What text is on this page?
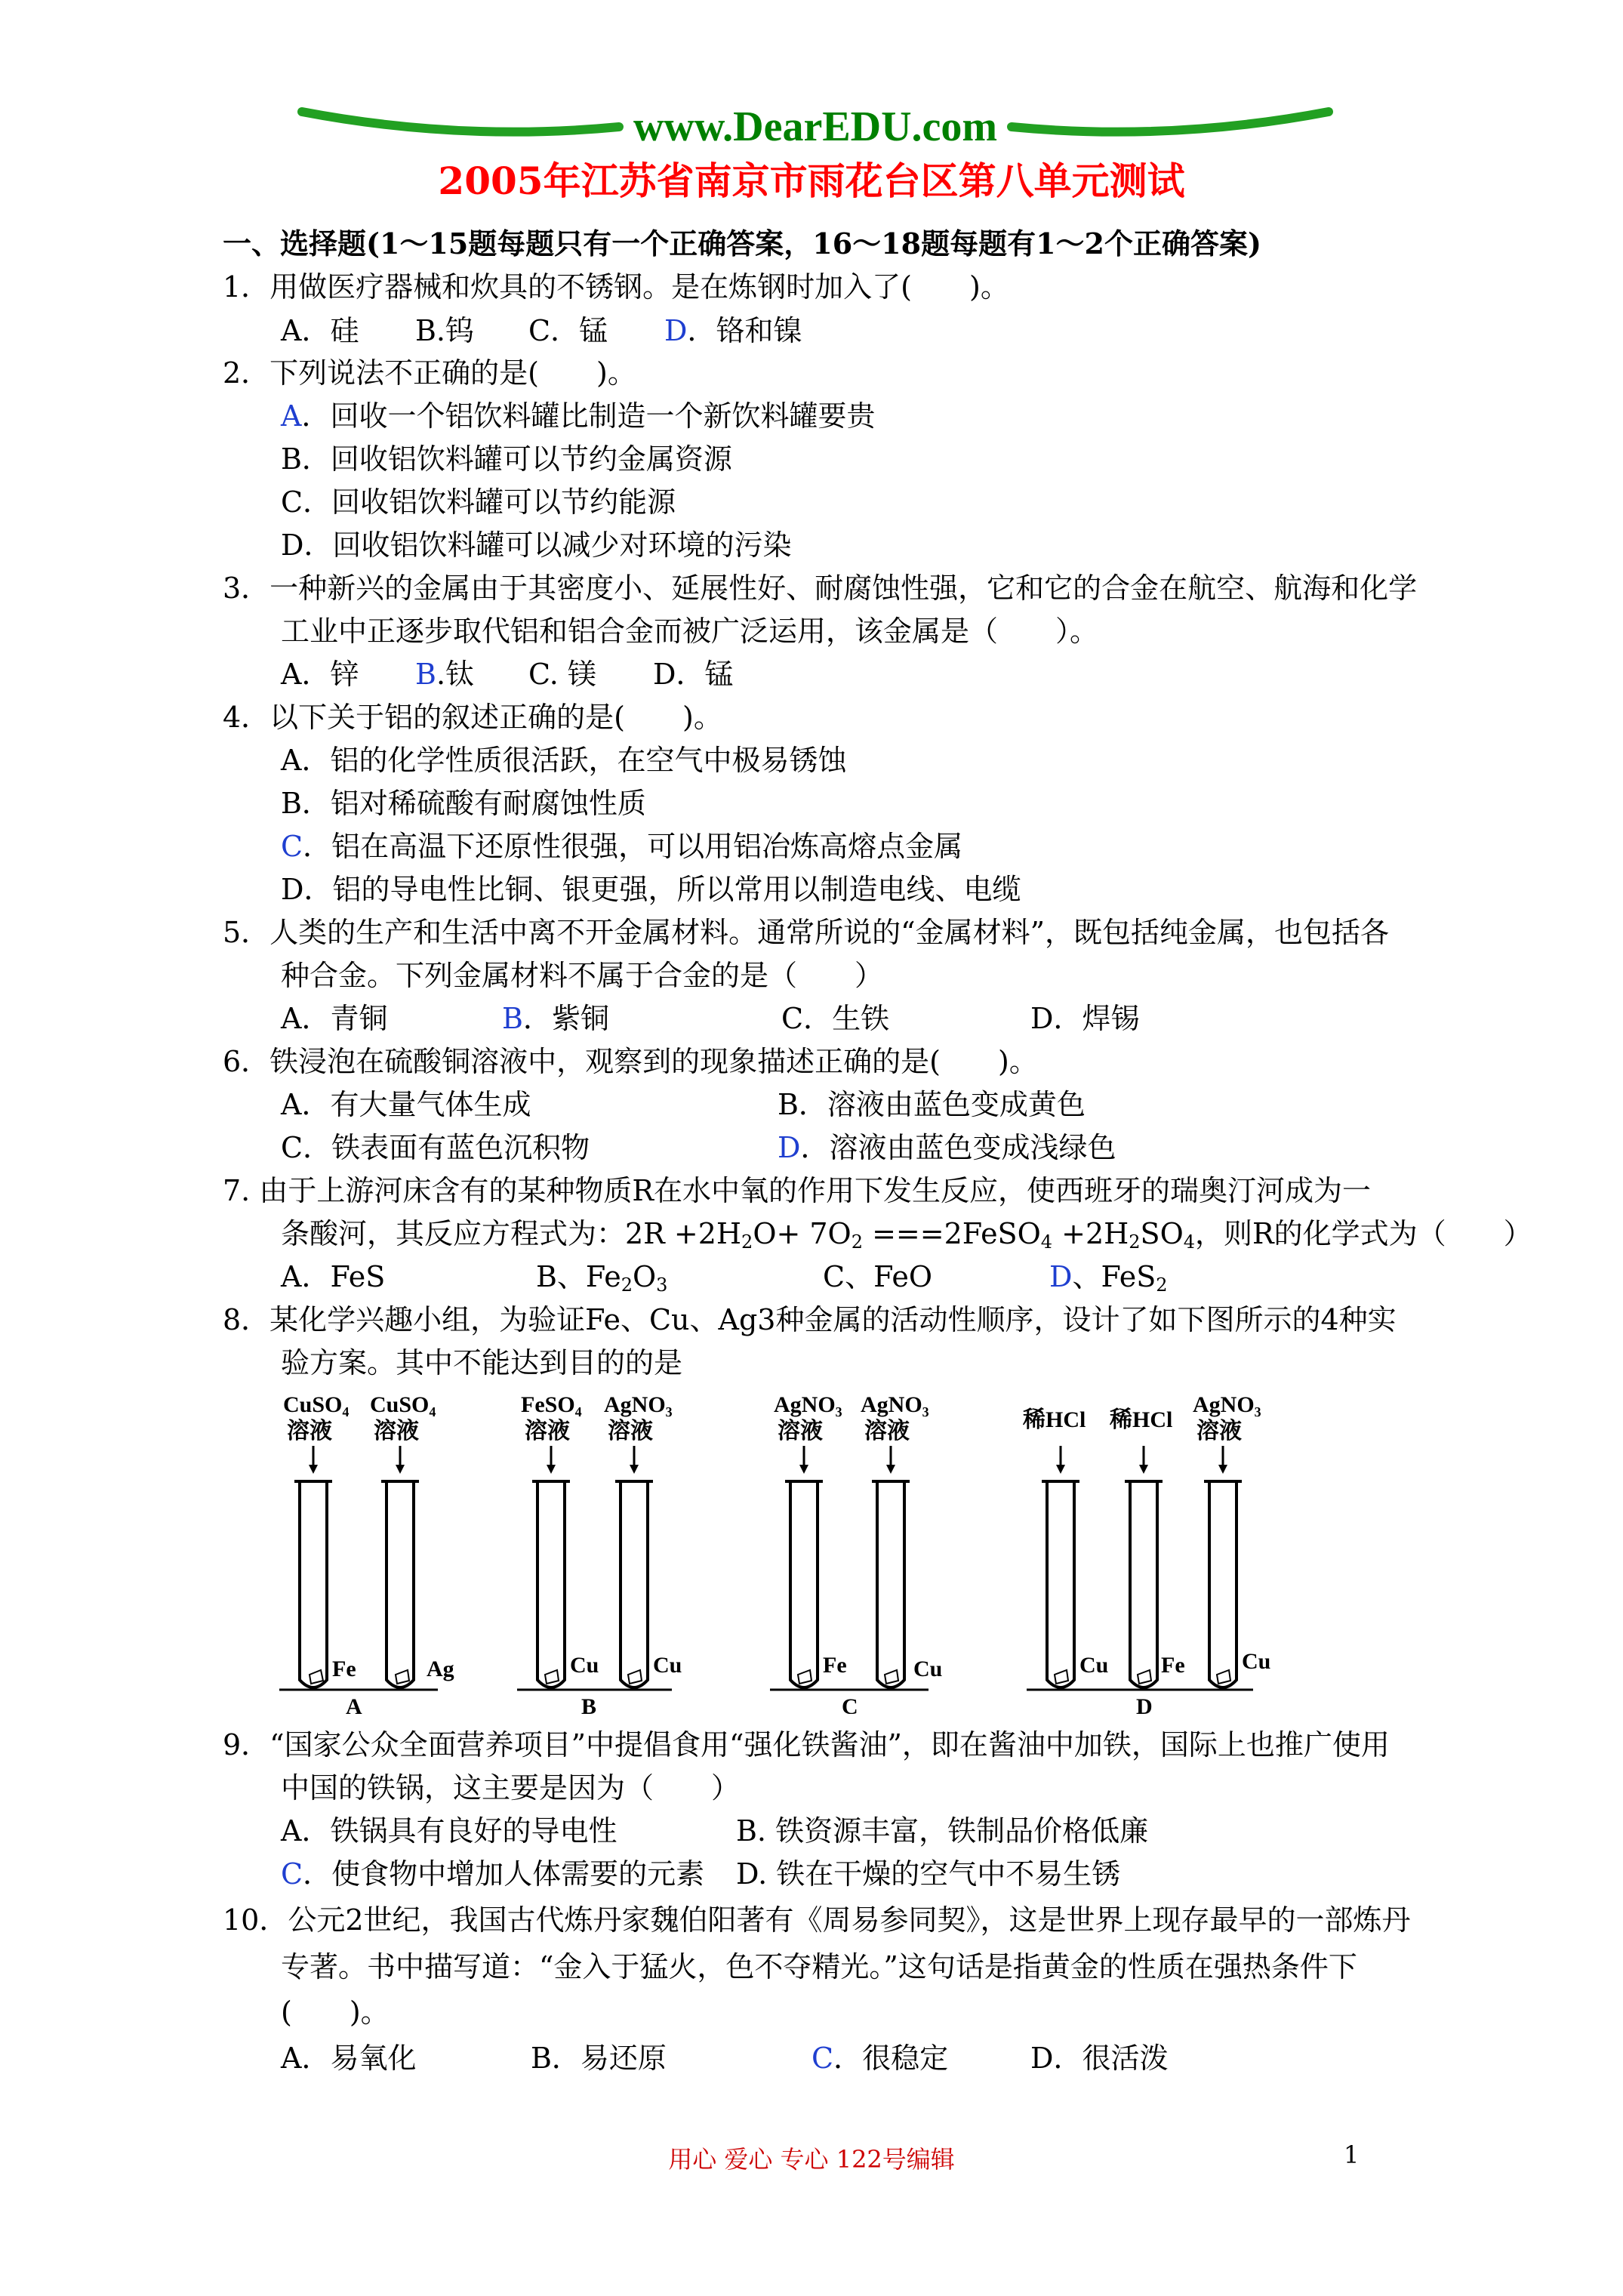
www.DearEDU.com
2005年江苏省南京市雨花台区第八单元测试
一、选择题(1～15题每题只有一个正确答案，16～18题每题有1～2个正确答案)
1．用做医疗器械和炊具的不锈钢。是在炼钢时加入了(　　)。
A．硅 B.钨 C．锰 D．铬和镍
2．下列说法不正确的是(　　)。
A．回收一个铝饮料罐比制造一个新饮料罐要贵
B．回收铝饮料罐可以节约金属资源
C．回收铝饮料罐可以节约能源
D．回收铝饮料罐可以减少对环境的污染
3．一种新兴的金属由于其密度小、延展性好、耐腐蚀性强，它和它的合金在航空、航海和化学
工业中正逐步取代铝和铝合金而被广泛运用，该金属是（　　）。
A．锌 B.钛 C. 镁 D．锰
4．以下关于铝的叙述正确的是(　　)。
A．铝的化学性质很活跃，在空气中极易锈蚀
B．铝对稀硫酸有耐腐蚀性质
C．铝在高温下还原性很强，可以用铝冶炼高熔点金属
D．铝的导电性比铜、银更强，所以常用以制造电线、电缆
5．人类的生产和生活中离不开金属材料。通常所说的“金属材料”，既包括纯金属，也包括各
种合金。下列金属材料不属于合金的是（　　）
A．青铜	B．紫铜	C．生铁	D．焊锡
6．铁浸泡在硫酸铜溶液中，观察到的现象描述正确的是(　　)。
A．有大量气体生成	B．溶液由蓝色变成黄色
C．铁表面有蓝色沉积物	D．溶液由蓝色变成浅绿色
7. 由于上游河床含有的某种物质R在水中氧的作用下发生反应，使西班牙的瑞奥汀河成为一
条酸河，其反应方程式为：$2R +2H_2O+ 7O_2$ ===2FeSO$_4$ $+2H_2SO_4$，则R的化学式为（　　）
A．FeS	B、$Fe_2O_3$	C、FeO	D、FeS$_2$
8．某化学兴趣小组，为验证Fe、Cu、Ag3种金属的活动性顺序，设计了如下图所示的4种实
验方案。其中不能达到目的的是
CuSO₄ CuSO₄
溶液 溶液
Fe	Ag
A
FeSO₄ AgNO₃
溶液 溶液
Cu Cu
B
AgNO₃ AgNO₃
溶液 溶液
Fe	Cu
C
稀HCl 稀HCl
AgNO₃
溶液
Cu Fe	Cu
D
9．“国家公众全面营养项目”中提倡食用“强化铁酱油”，即在酱油中加铁，国际上也推广使用
中国的铁锅，这主要是因为（　　）
A．铁锅具有良好的导电性	B. 铁资源丰富，铁制品价格低廉
C．使食物中增加人体需要的元素 D. 铁在干燥的空气中不易生锈
10．公元2世纪，我国古代炼丹家魏伯阳著有《周易参同契》，这是世界上现存最早的一部炼丹
专著。书中描写道：“金入于猛火，色不夺精光。”这句话是指黄金的性质在强热条件下
(　　)。
A．易氧化	B．易还原	C．很稳定	D．很活泼
用心 爱心 专心 122号编辑	1
